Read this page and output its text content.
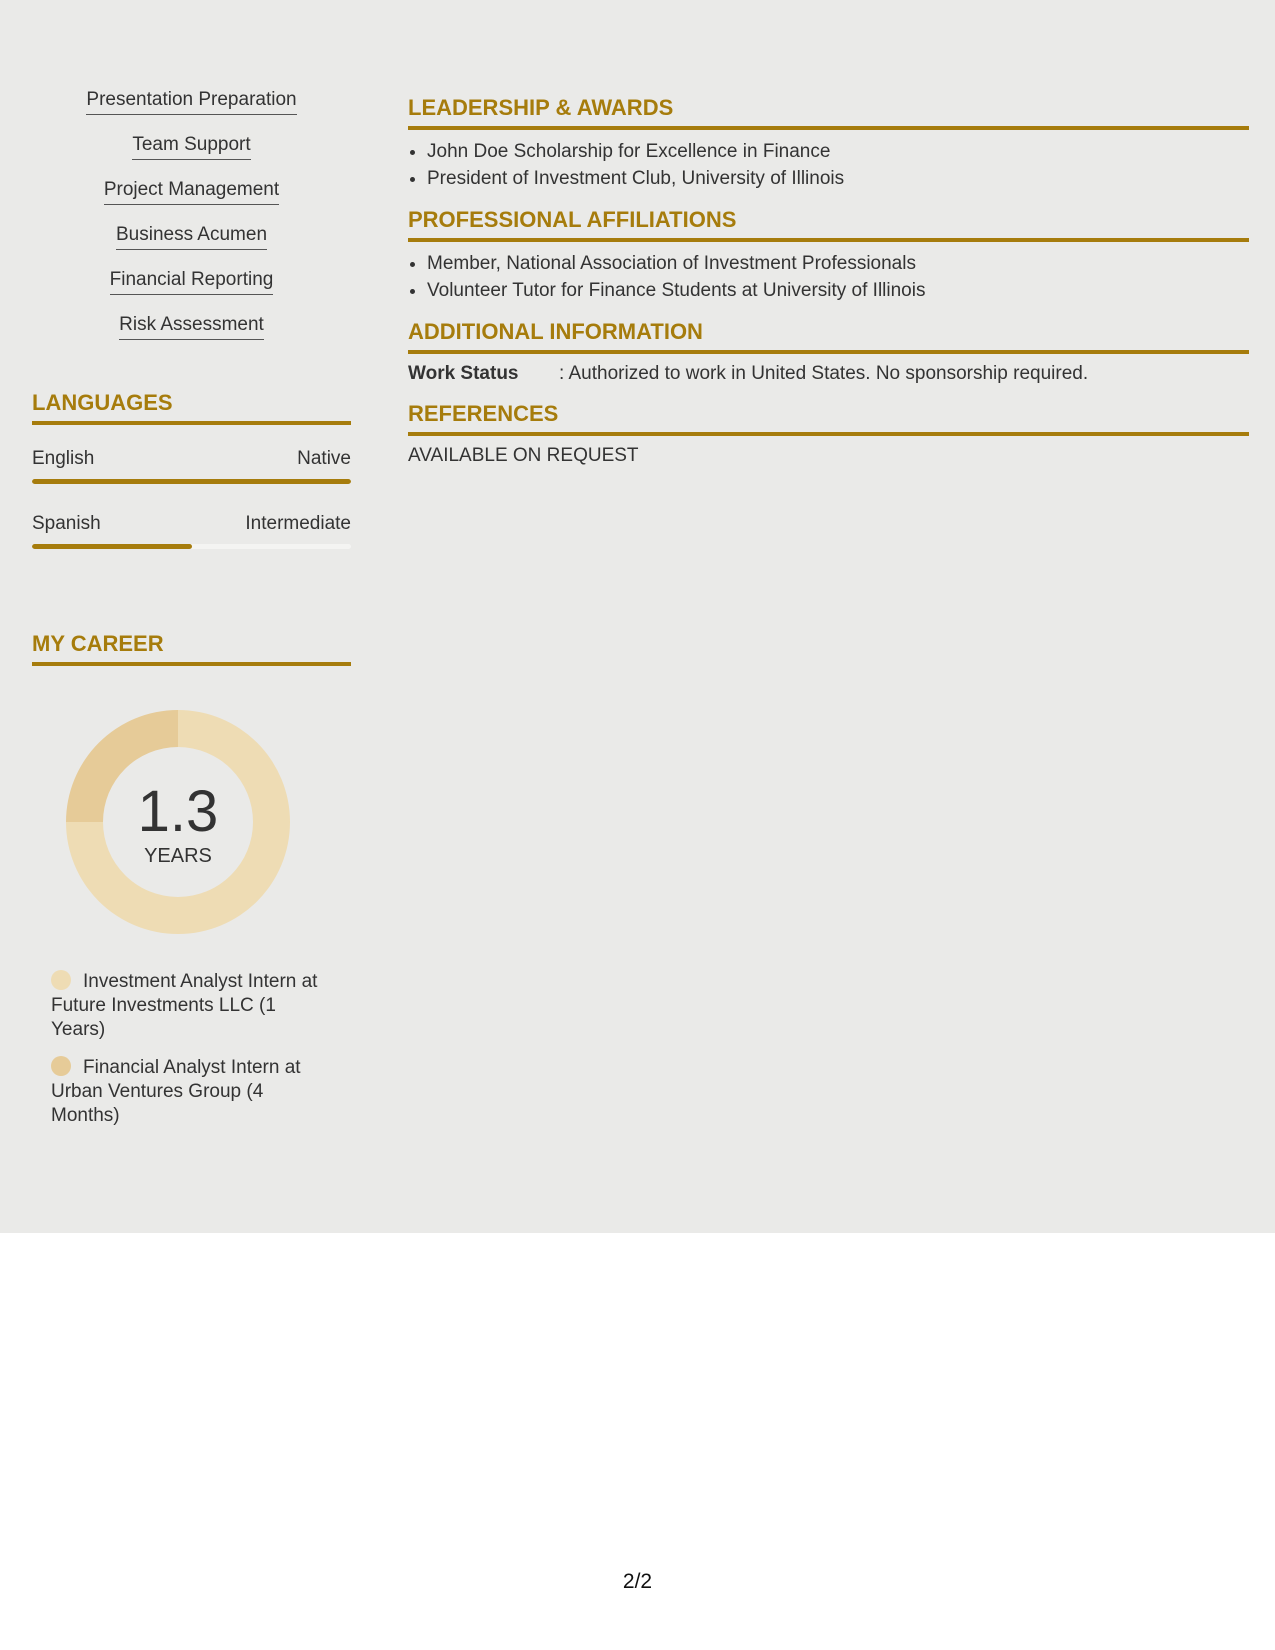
Presentation Preparation
Team Support
Project Management
Business Acumen
Financial Reporting
Risk Assessment
LANGUAGES
English	Native
Spanish	Intermediate
MY CAREER
1.3
YEARS
Investment Analyst Intern at Future Investments LLC (1 Years)
Financial Analyst Intern at Urban Ventures Group (4 Months)
LEADERSHIP & AWARDS
• John Doe Scholarship for Excellence in Finance
• President of Investment Club, University of Illinois
PROFESSIONAL AFFILIATIONS
• Member, National Association of Investment Professionals
• Volunteer Tutor for Finance Students at University of Illinois
ADDITIONAL INFORMATION
Work Status	: Authorized to work in United States. No sponsorship required.
REFERENCES
AVAILABLE ON REQUEST
2/2
